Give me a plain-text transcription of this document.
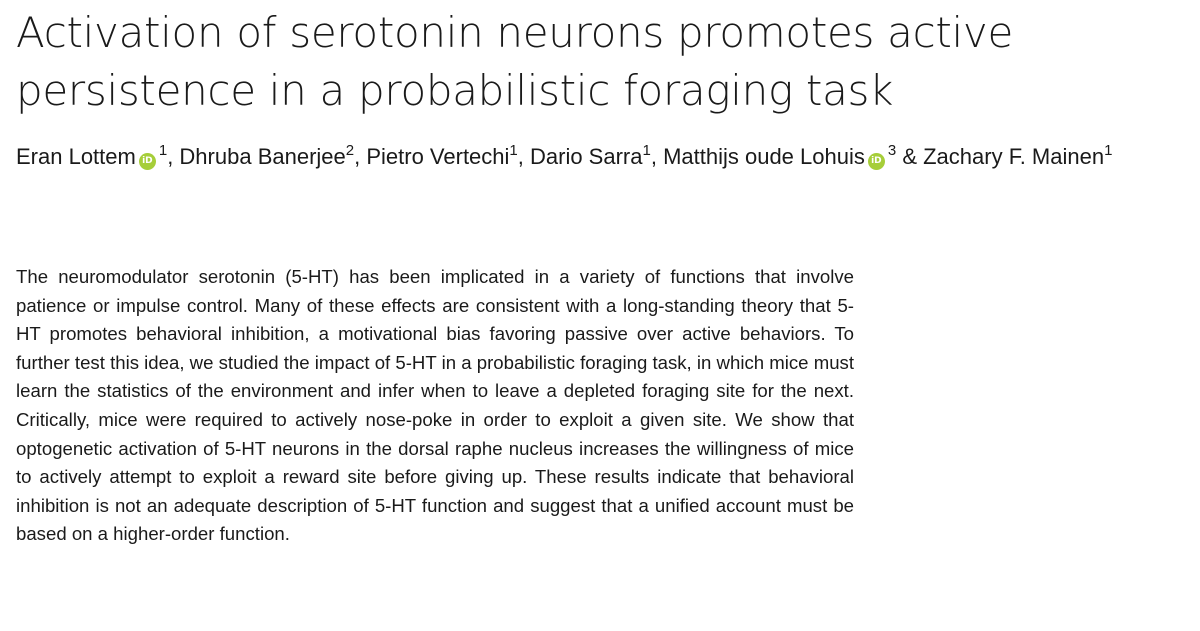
Activation of serotonin neurons promotes active persistence in a probabilistic foraging task
Eran Lottem $iD^1$, Dhruba Banerjee$^2$, Pietro Vertechi$^1$, Dario Sarra$^1$, Matthijs oude Lohuis $iD^3$ & Zachary F. Mainen$^1$

The neuromodulator serotonin (5-HT) has been implicated in a variety of functions that involve patience or impulse control. Many of these effects are consistent with a long-standing theory that 5-HT promotes behavioral inhibition, a motivational bias favoring passive over active behaviors. To further test this idea, we studied the impact of 5-HT in a probabilistic foraging task, in which mice must learn the statistics of the environment and infer when to leave a depleted foraging site for the next. Critically, mice were required to actively nose-poke in order to exploit a given site. We show that optogenetic activation of 5-HT neurons in the dorsal raphe nucleus increases the willingness of mice to actively attempt to exploit a reward site before giving up. These results indicate that behavioral inhibition is not an adequate description of 5-HT function and suggest that a unified account must be based on a higher-order function.
